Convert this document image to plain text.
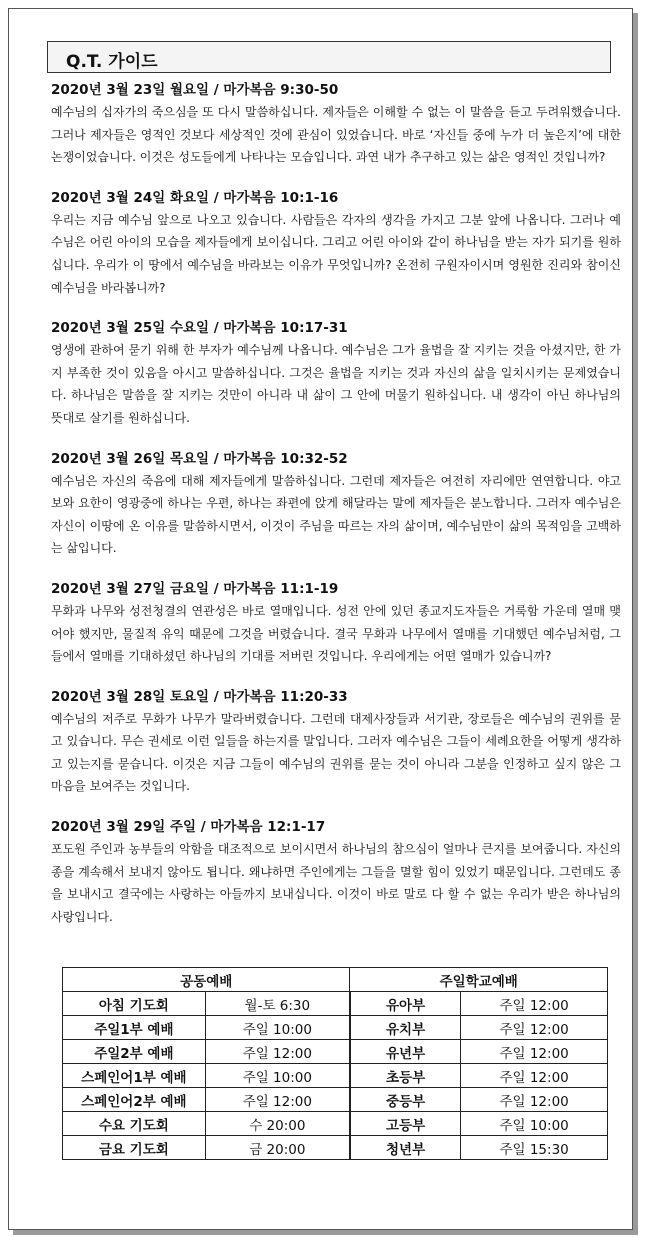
Q.T. 가이드
2020년 3월 23일 월요일 / 마가복음 9:30-50
예수님의 십자가의 죽으심을 또 다시 말씀하십니다. 제자들은 이해할 수 없는 이 말씀을 듣고 두려워했습니다. 그러나 제자들은 영적인 것보다 세상적인 것에 관심이 있었습니다. 바로 ‘자신들 중에 누가 더 높은지’에 대한 논쟁이었습니다. 이것은 성도들에게 나타나는 모습입니다. 과연 내가 추구하고 있는 삶은 영적인 것입니까?
2020년 3월 24일 화요일 / 마가복음 10:1-16
우리는 지금 예수님 앞으로 나오고 있습니다. 사람들은 각자의 생각을 가지고 그분 앞에 나옵니다. 그러나 예수님은 어린 아이의 모습을 제자들에게 보이십니다. 그리고 어린 아이와 같이 하나님을 받는 자가 되기를 원하십니다. 우리가 이 땅에서 예수님을 바라보는 이유가 무엇입니까? 온전히 구원자이시며 영원한 진리와 참이신 예수님을 바라봅니까?
2020년 3월 25일 수요일 / 마가복음 10:17-31
영생에 관하여 묻기 위해 한 부자가 예수님께 나옵니다. 예수님은 그가 율법을 잘 지키는 것을 아셨지만, 한 가지 부족한 것이 있음을 아시고 말씀하십니다. 그것은 율법을 지키는 것과 자신의 삶을 일치시키는 문제였습니다. 하나님은 말씀을 잘 지키는 것만이 아니라 내 삶이 그 안에 머물기 원하십니다. 내 생각이 아닌 하나님의 뜻대로 살기를 원하십니다.
2020년 3월 26일 목요일 / 마가복음 10:32-52
예수님은 자신의 죽음에 대해 제자들에게 말씀하십니다. 그런데 제자들은 여전히 자리에만 연연합니다. 야고보와 요한이 영광중에 하나는 우편, 하나는 좌편에 앉게 해달라는 말에 제자들은 분노합니다. 그러자 예수님은 자신이 이땅에 온 이유를 말씀하시면서, 이것이 주님을 따르는 자의 삶이며, 예수님만이 삶의 목적임을 고백하는 삶입니다.
2020년 3월 27일 금요일 / 마가복음 11:1-19
무화과 나무와 성전청결의 연관성은 바로 열매입니다. 성전 안에 있던 종교지도자들은 거룩함 가운데 열매 맺어야 했지만, 물질적 유익 때문에 그것을 버렸습니다. 결국 무화과 나무에서 열매를 기대했던 예수님처럼, 그들에서 열매를 기대하셨던 하나님의 기대를 저버린 것입니다. 우리에게는 어떤 열매가 있습니까?
2020년 3월 28일 토요일 / 마가복음 11:20-33
예수님의 저주로 무화가 나무가 말라버렸습니다. 그런데 대제사장들과 서기관, 장로들은 예수님의 권위를 묻고 있습니다. 무슨 권세로 이런 일들을 하는지를 말입니다. 그러자 예수님은 그들이 세례요한을 어떻게 생각하고 있는지를 묻습니다. 이것은 지금 그들이 예수님의 권위를 묻는 것이 아니라 그분을 인정하고 싶지 않은 그 마음을 보여주는 것입니다.
2020년 3월 29일 주일 / 마가복음 12:1-17
포도원 주인과 농부들의 악함을 대조적으로 보이시면서 하나님의 참으심이 얼마나 큰지를 보여줍니다. 자신의 종을 계속해서 보내지 않아도 됩니다. 왜냐하면 주인에게는 그들을 멸할 힘이 있었기 때문입니다. 그런데도 종을 보내시고 결국에는 사랑하는 아들까지 보내십니다. 이것이 바로 말로 다 할 수 없는 우리가 받은 하나님의 사랑입니다.
공동예배		주일학교예배	
아침 기도회	월-토 6:30	유아부	주일 12:00
주일1부 예배	주일 10:00	유치부	주일 12:00
주일2부 예배	주일 12:00	유년부	주일 12:00
스페인어1부 예배	주일 10:00	초등부	주일 12:00
스페인어2부 예배	주일 12:00	중등부	주일 12:00
수요 기도회	수 20:00	고등부	주일 10:00
금요 기도회	금 20:00	청년부	주일 15:30
